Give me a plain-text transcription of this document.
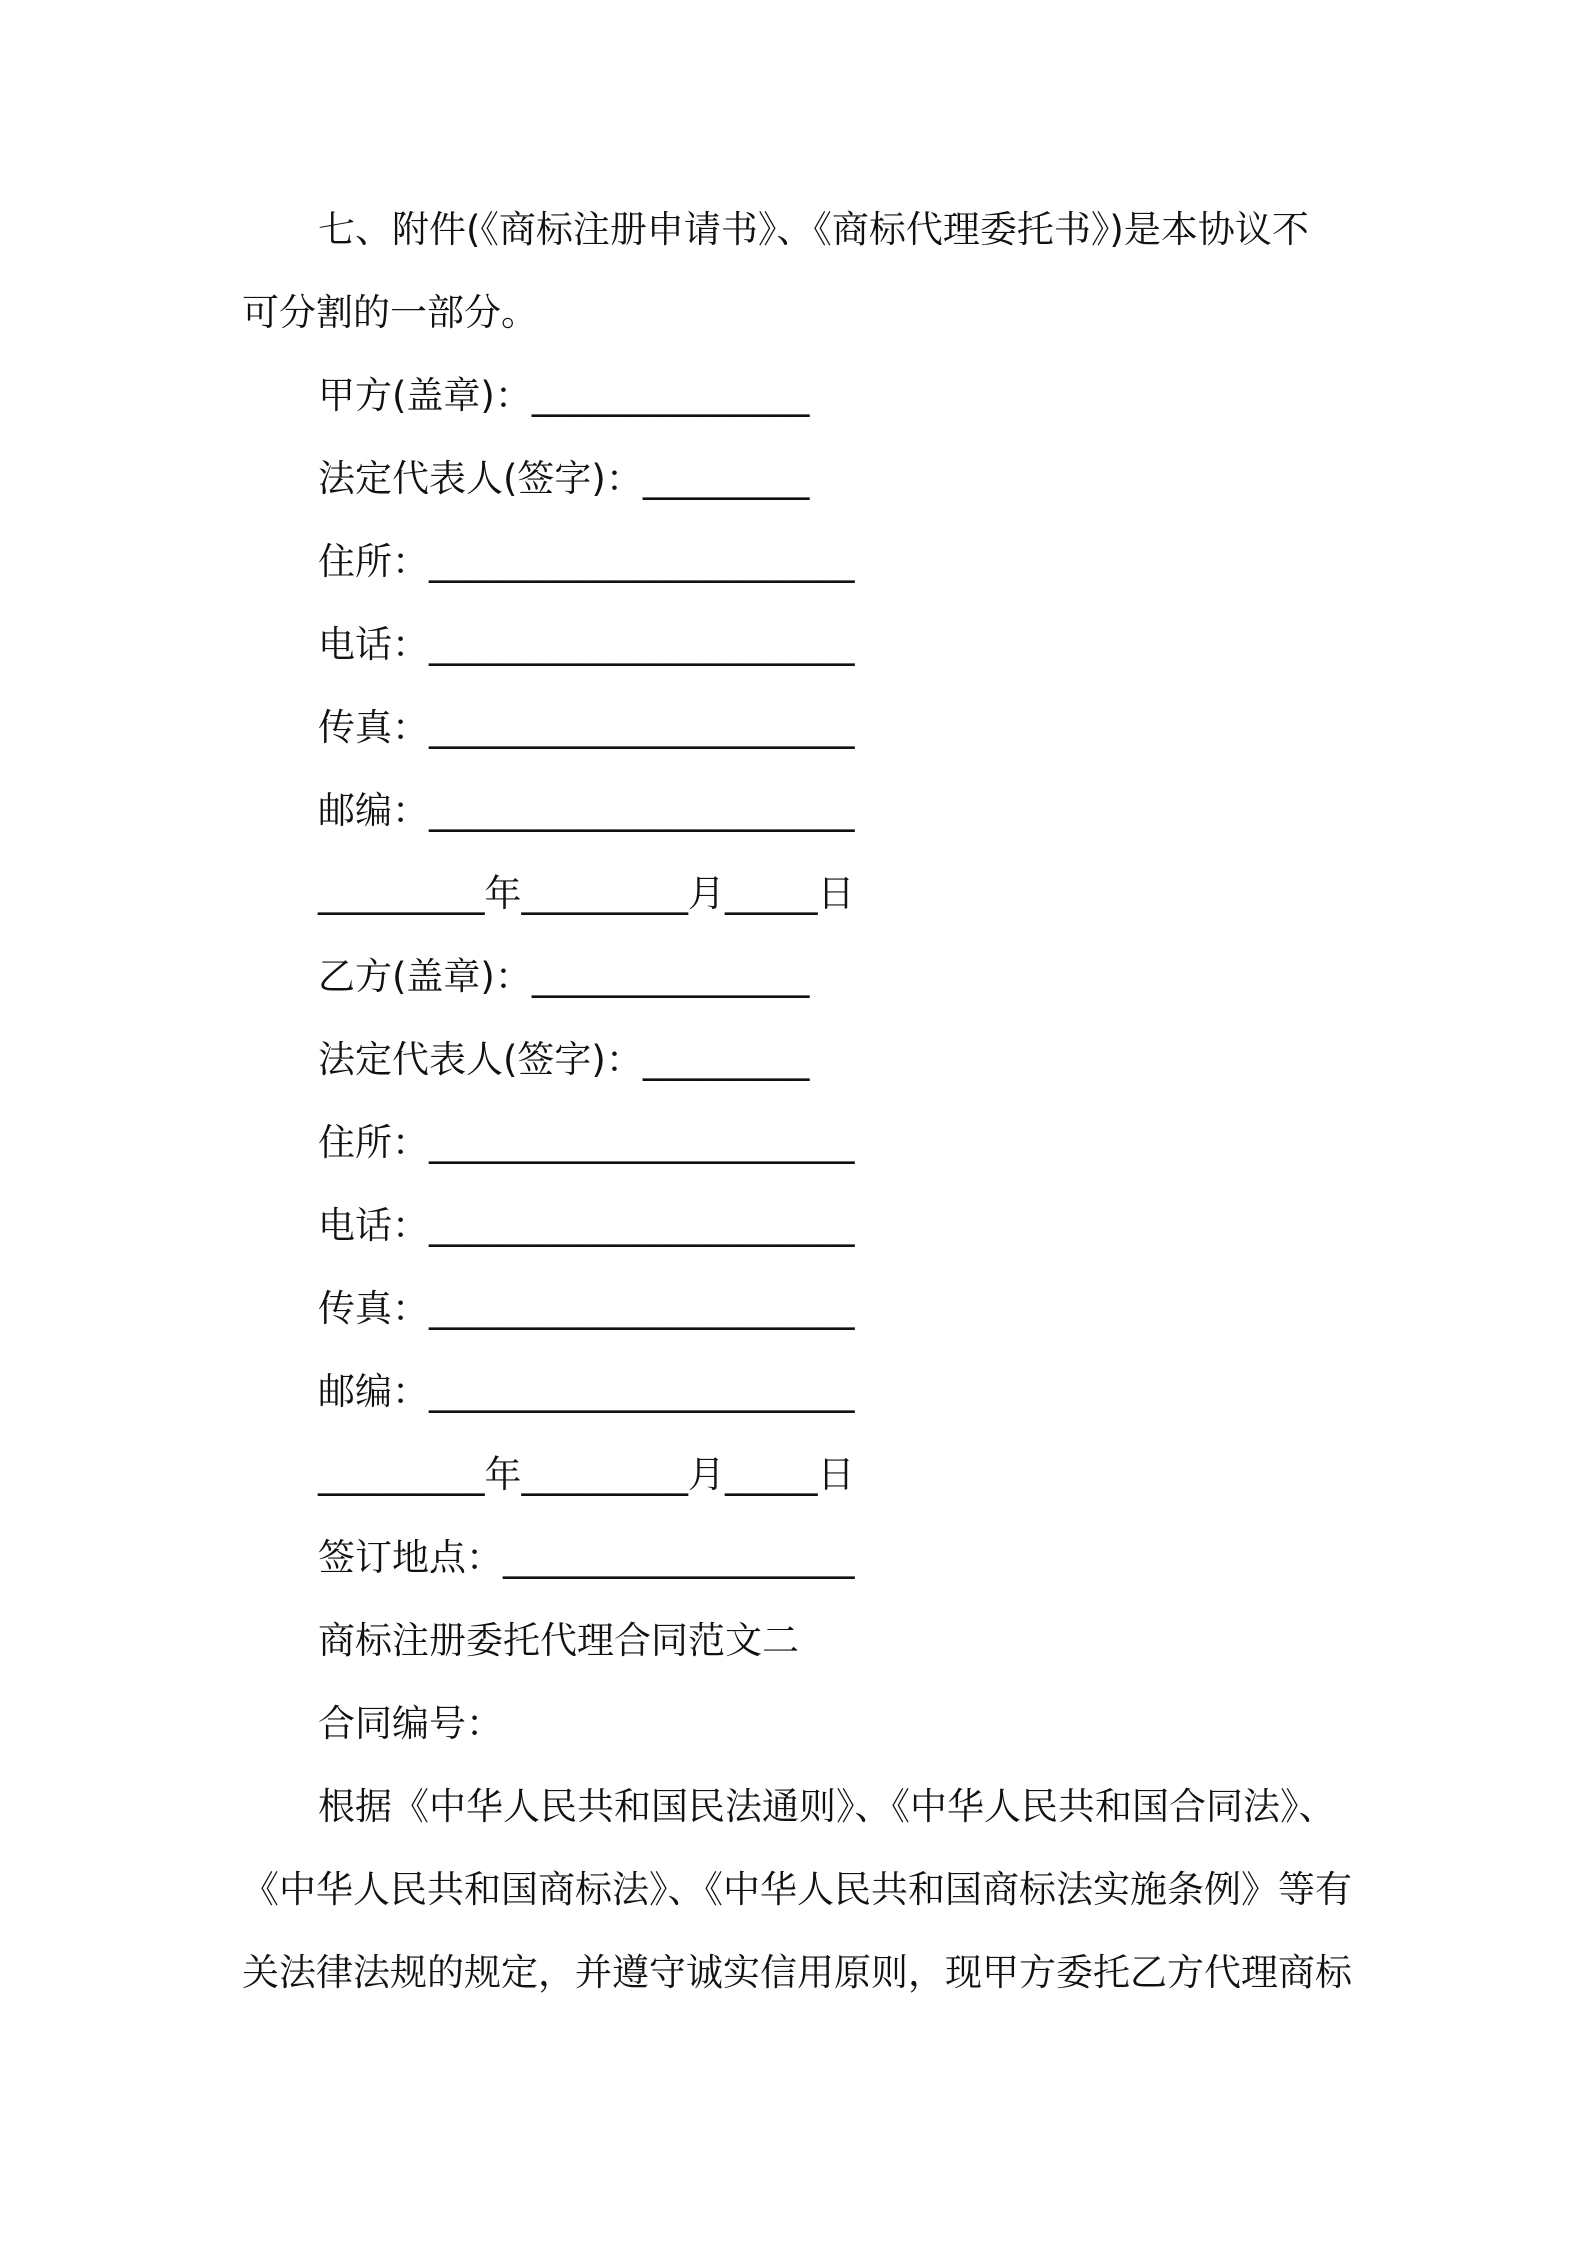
七、附件(《商标注册申请书》、《商标代理委托书》)是本协议不
可分割的一部分。
甲方(盖章)：_______________
法定代表人(签字)：_________
住所：_______________________
电话：_______________________
传真：_______________________
邮编：_______________________
_________年_________月_____日
乙方(盖章)：_______________
法定代表人(签字)：_________
住所：_______________________
电话：_______________________
传真：_______________________
邮编：_______________________
_________年_________月_____日
签订地点：___________________
商标注册委托代理合同范文二
合同编号：
根据《中华人民共和国民法通则》、《中华人民共和国合同法》、
《中华人民共和国商标法》、《中华人民共和国商标法实施条例》等有
关法律法规的规定，并遵守诚实信用原则，现甲方委托乙方代理商标
